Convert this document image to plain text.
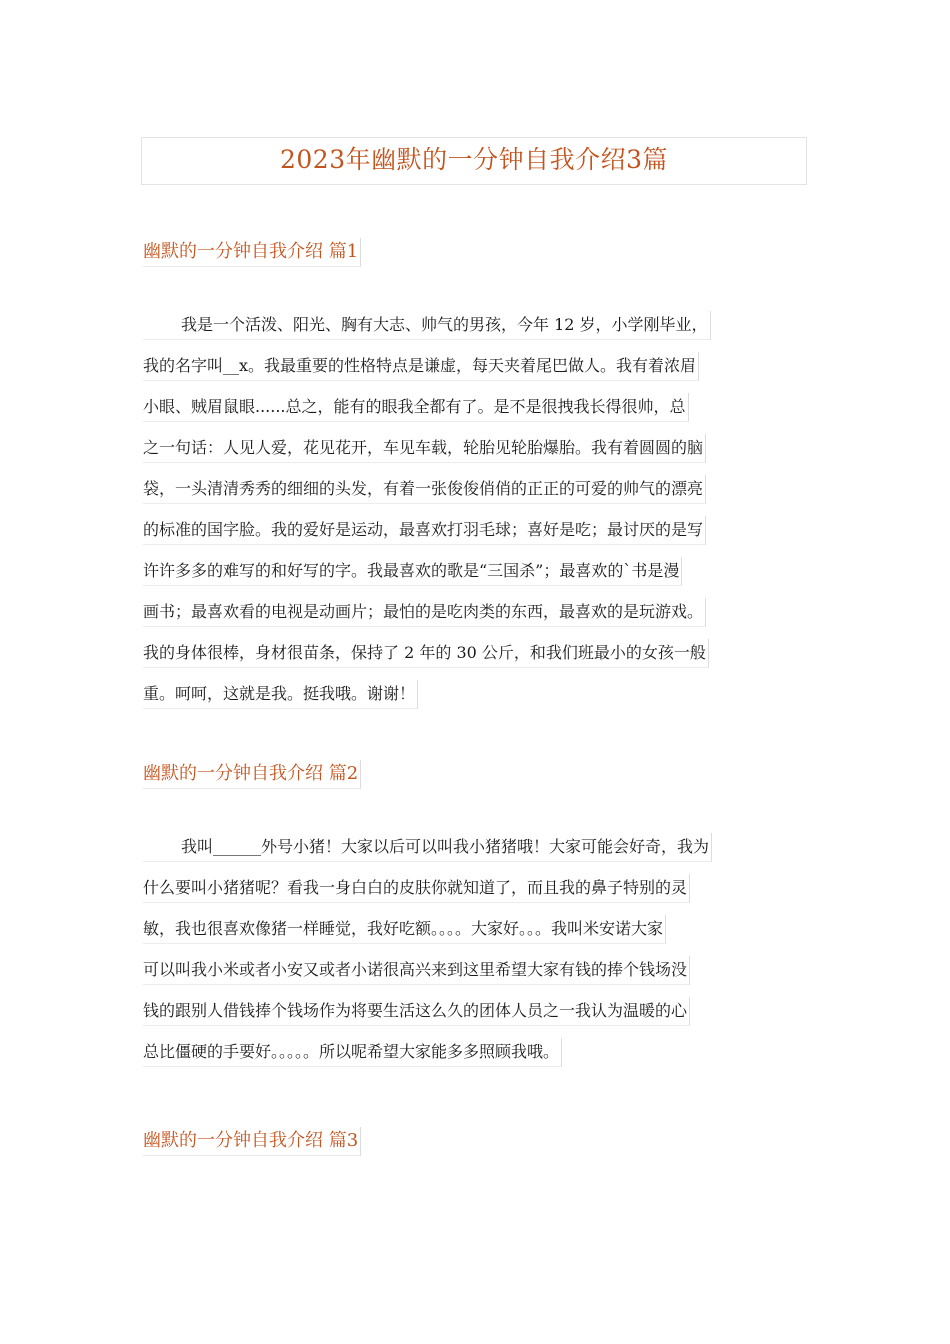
2023年幽默的一分钟自我介绍3篇
幽默的一分钟自我介绍 篇1
我是一个活泼、阳光、胸有大志、帅气的男孩，今年 12 岁，小学刚毕业，
我的名字叫__x。我最重要的性格特点是谦虚，每天夹着尾巴做人。我有着浓眉
小眼、贼眉鼠眼......总之，能有的眼我全都有了。是不是很拽我长得很帅，总
之一句话：人见人爱，花见花开，车见车载，轮胎见轮胎爆胎。我有着圆圆的脑
袋，一头清清秀秀的细细的头发，有着一张俊俊俏俏的正正的可爱的帅气的漂亮
的标准的国字脸。我的爱好是运动，最喜欢打羽毛球；喜好是吃；最讨厌的是写
许许多多的难写的和好写的字。我最喜欢的歌是“三国杀”；最喜欢的`书是漫
画书；最喜欢看的电视是动画片；最怕的是吃肉类的东西，最喜欢的是玩游戏。
我的身体很棒，身材很苗条，保持了 2 年的 30 公斤，和我们班最小的女孩一般
重。呵呵，这就是我。挺我哦。谢谢！
幽默的一分钟自我介绍 篇2
我叫______外号小猪！大家以后可以叫我小猪猪哦！大家可能会好奇，我为
什么要叫小猪猪呢？看我一身白白的皮肤你就知道了，而且我的鼻子特别的灵
敏，我也很喜欢像猪一样睡觉，我好吃额。。。。大家好。。。我叫米安诺大家
可以叫我小米或者小安又或者小诺很高兴来到这里希望大家有钱的捧个钱场没
钱的跟别人借钱捧个钱场作为将要生活这么久的团体人员之一我认为温暖的心
总比僵硬的手要好。。。。。所以呢希望大家能多多照顾我哦。
幽默的一分钟自我介绍 篇3
